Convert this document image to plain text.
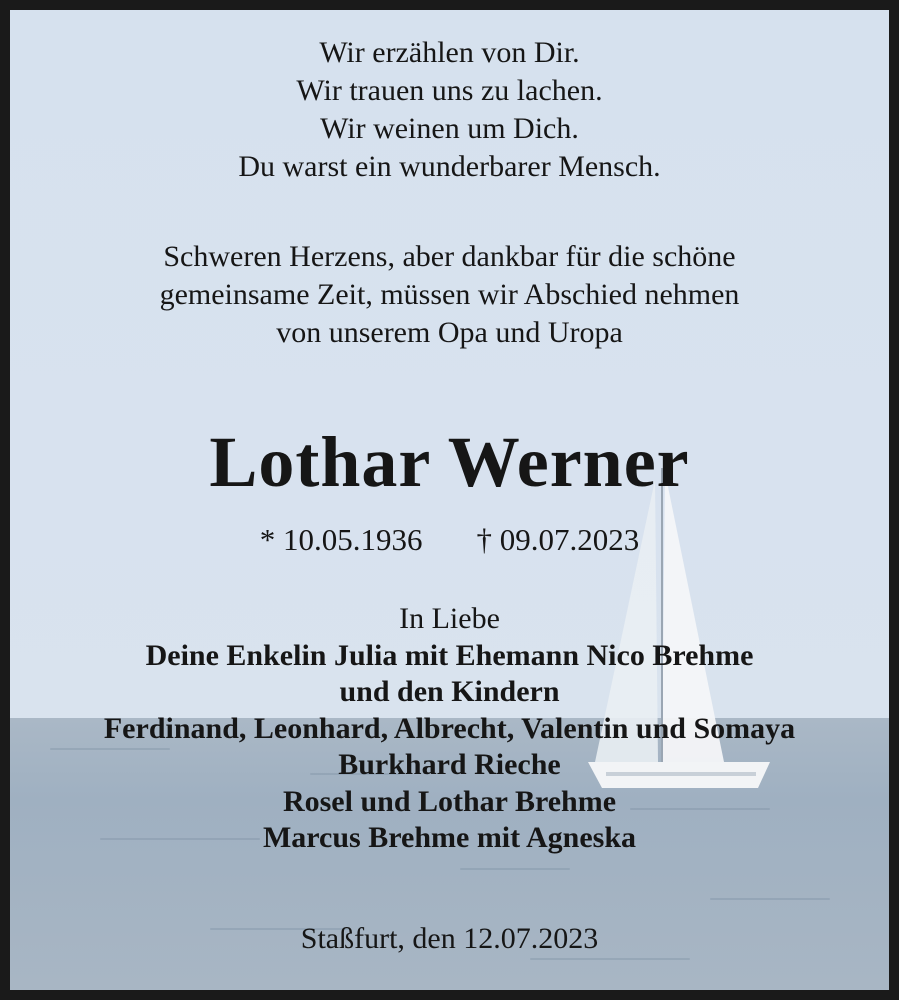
Wir erzählen von Dir.
Wir trauen uns zu lachen.
Wir weinen um Dich.
Du warst ein wunderbarer Mensch.
Schweren Herzens, aber dankbar für die schöne
gemeinsame Zeit, müssen wir Abschied nehmen
von unserem Opa und Uropa
Lothar Werner
* 10.05.1936 † 09.07.2023
In Liebe
Deine Enkelin Julia mit Ehemann Nico Brehme
und den Kindern
Ferdinand, Leonhard, Albrecht, Valentin und Somaya
Burkhard Rieche
Rosel und Lothar Brehme
Marcus Brehme mit Agneska
Staßfurt, den 12.07.2023
